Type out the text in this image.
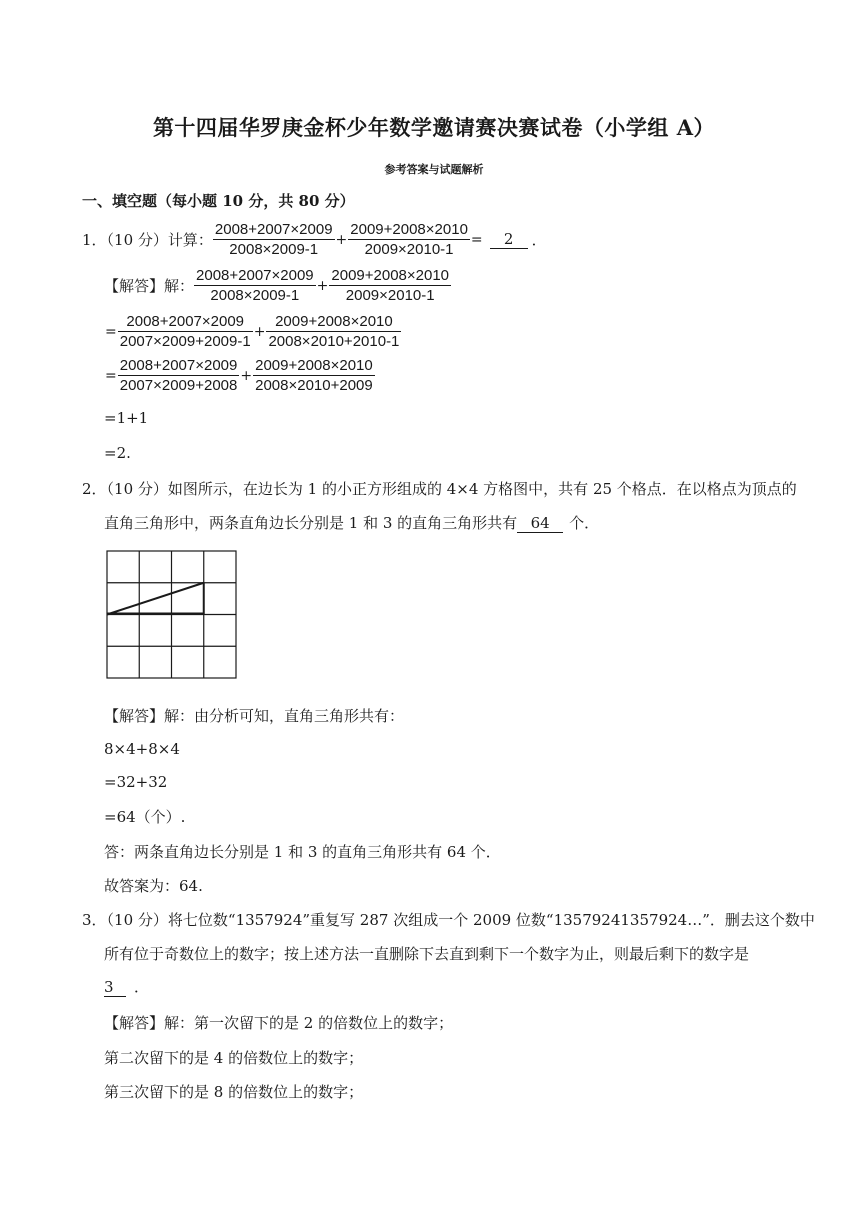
第十四届华罗庚金杯少年数学邀请赛决赛试卷（小学组 A）
参考答案与试题解析
一、填空题（每小题 10 分，共 80 分）
1．（10 分）计算： $\frac{2008+2007\times 2009}{2008\times 2009-1} + \frac{2009+2008\times 2010}{2009\times 2010-1}$ =	2	．
【解答】解： $\frac{2008+2007\times 2009}{2008\times 2009-1} + \frac{2009+2008\times 2010}{2009\times 2010-1}$
= $\frac{2008+2007\times 2009}{2007\times 2009+2009-1} + \frac{2009+2008\times 2010}{2008\times 2010+2010-1}$
= $\frac{2008+2007\times 2009}{2007\times 2009+2008} + \frac{2009+2008\times 2010}{2008\times 2010+2009}$
=1+1
=2.
2．（10 分）如图所示，在边长为 1 的小正方形组成的 4×4 方格图中，共有 25 个格点．在以格点为顶点的
直角三角形中，两条直角边长分别是 1 和 3 的直角三角形共有 64 个．
【解答】解：由分析可知，直角三角形共有：
8×4+8×4
=32+32
=64（个）.
答：两条直角边长分别是 1 和 3 的直角三角形共有 64 个．
故答案为：64.
3．（10 分）将七位数“1357924”重复写 287 次组成一个 2009 位数“13579241357924…”．删去这个数中
所有位于奇数位上的数字；按上述方法一直删除下去直到剩下一个数字为止，则最后剩下的数字是
3 ．
【解答】解：第一次留下的是 2 的倍数位上的数字；
第二次留下的是 4 的倍数位上的数字；
第三次留下的是 8 的倍数位上的数字；
